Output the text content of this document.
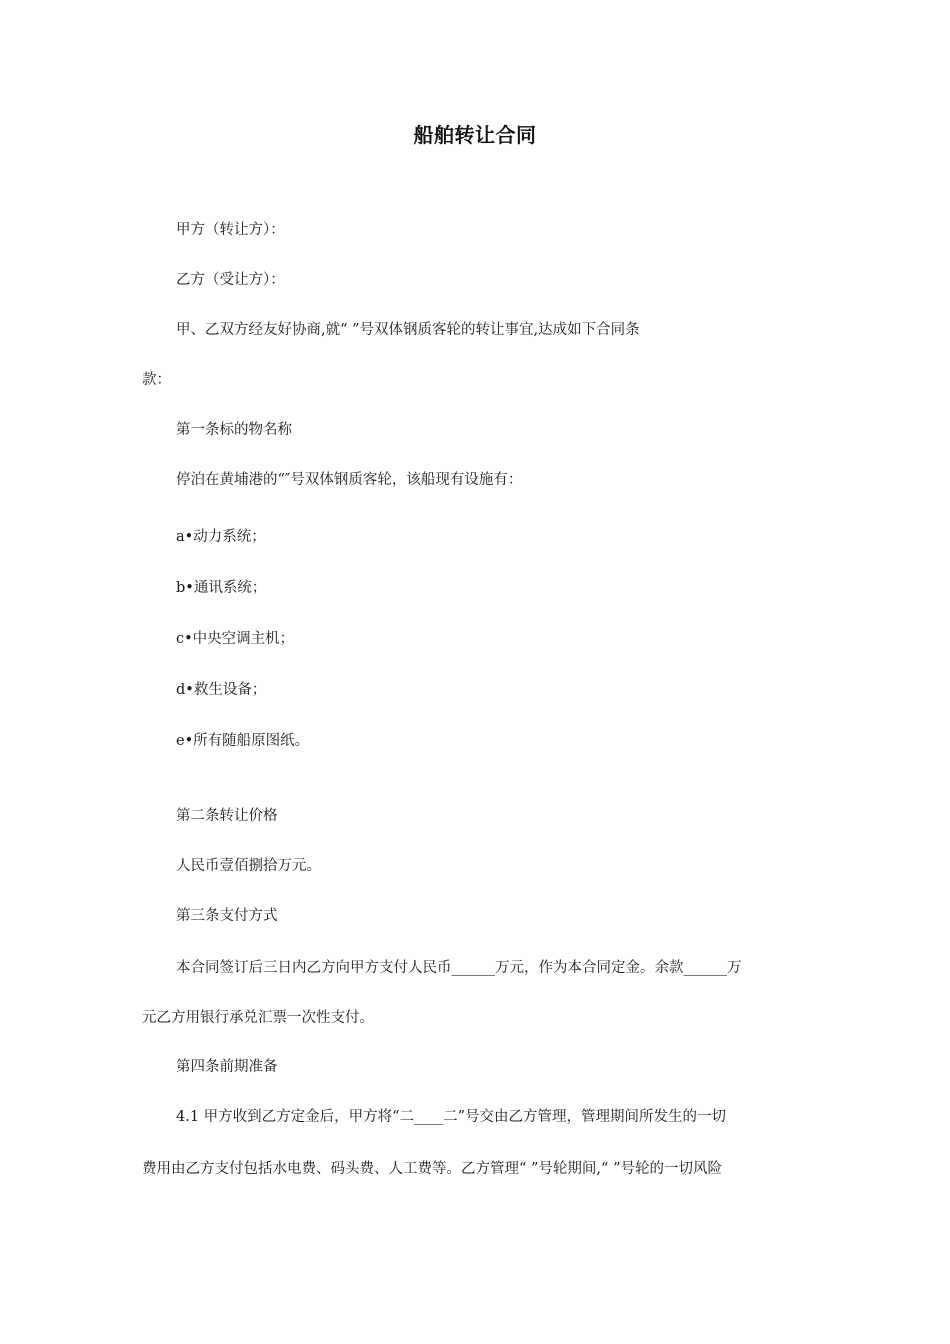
船舶转让合同
甲方（转让方）：
乙方（受让方）：
甲、乙双方经友好协商,就“ ”号双体钢质客轮的转让事宜,达成如下合同条
款：
第一条标的物名称
停泊在黄埔港的“″号双体钢质客轮，该船现有设施有：
a•动力系统；
b•通讯系统；
c•中央空调主机；
d•救生设备；
e•所有随船原图纸。
第二条转让价格
人民币壹佰捌拾万元。
第三条支付方式
本合同签订后三日内乙方向甲方支付人民币______万元，作为本合同定金。余款______万
元乙方用银行承兑汇票一次性支付。
第四条前期准备
4.1 甲方收到乙方定金后，甲方将“二____二”号交由乙方管理，管理期间所发生的一切
费用由乙方支付包括水电费、码头费、人工费等。乙方管理“ ”号轮期间,“ ”号轮的一切风险
